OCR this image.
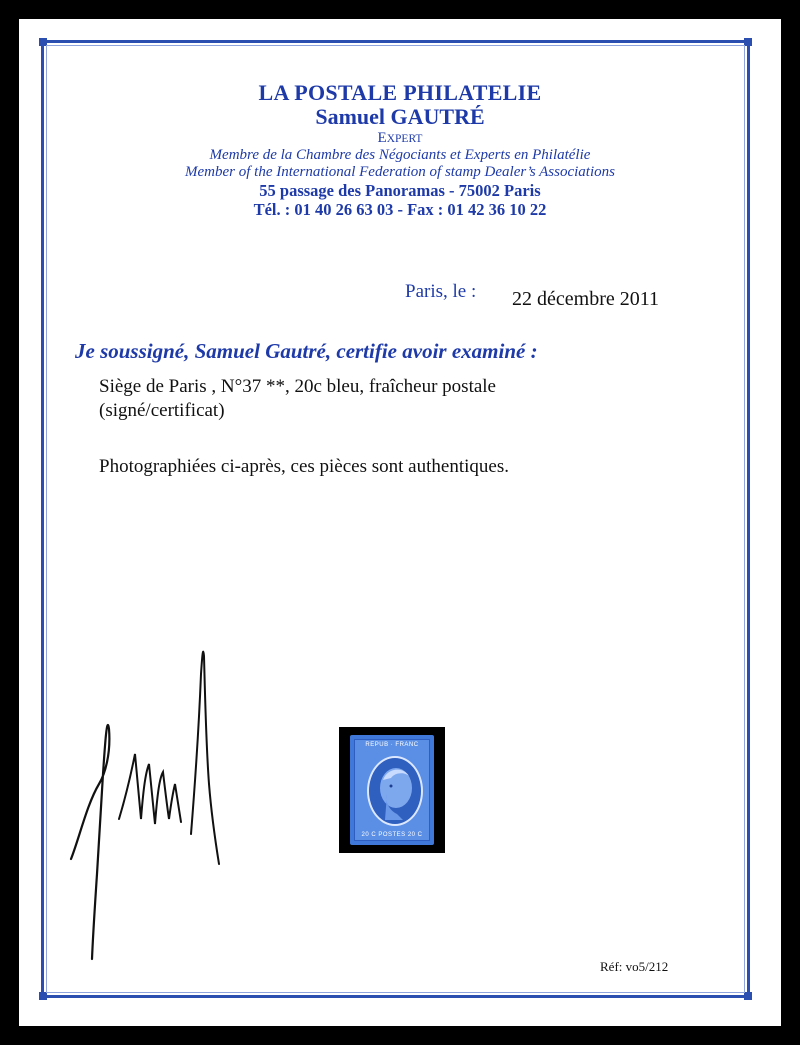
LA POSTALE PHILATELIE
Samuel GAUTRÉ
EXPERT
Membre de la Chambre des Négociants et Experts en Philatélie
Member of the International Federation of stamp Dealer’s Associations
55 passage des Panoramas - 75002 Paris
Tél. : 01 40 26 63 03 - Fax : 01 42 36 10 22
Paris, le : 22 décembre 2011
Je soussigné, Samuel Gautré, certifie avoir examiné :
Siège de Paris , N°37 **, 20c bleu, fraîcheur postale
(signé/certificat)
Photographiées ci-après, ces pièces sont authentiques.
REPUB · FRANC
20 C POSTES 20 C
Réf: vo5/212
